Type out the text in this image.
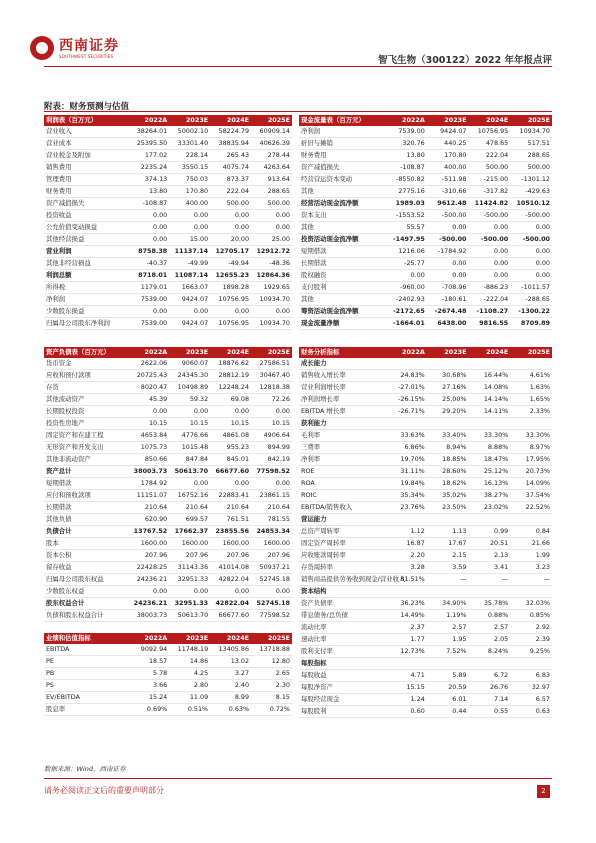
西南证券
SOUTHWEST SECURITIES	智飞生物（300122）2022 年年报点评
附表：财务预测与估值
利润表（百万元）	2022A	2023E	2024E	2025E
营业收入	38264.01	50002.10	58224.79	60909.14
营业成本	25395.50	33301.40	38835.94	40626.39
营业税金及附加	177.02	228.14	265.43	278.44
销售费用	2235.24	3550.15	4075.74	4263.64
管理费用	374.13	750.03	873.37	913.64
财务费用	13.80	170.80	222.04	288.65
资产减值损失	-108.87	400.00	500.00	500.00
投资收益	0.00	0.00	0.00	0.00
公允价值变动损益	0.00	0.00	0.00	0.00
其他经营损益	0.00	15.00	20.00	25.00
营业利润	8758.38	11137.14	12705.17	12912.72
其他非经营损益	-40.37	-49.99	-49.94	-48.36
利润总额	8718.01	11087.14	12655.23	12864.36
所得税	1179.01	1663.07	1898.28	1929.65
净利润	7539.00	9424.07	10756.95	10934.70
少数股东损益	0.00	0.00	0.00	0.00
归属母公司股东净利润	7539.00	9424.07	10756.95	10934.70
现金流量表（百万元）	2022A	2023E	2024E	2025E
净利润	7539.00	9424.07	10756.95	10934.70
折旧与摊销	320.76	440.25	478.65	517.51
财务费用	13.80	170.80	222.04	288.65
资产减值损失	-108.87	400.00	500.00	500.00
经营营运资本变动	-8550.82	-511.98	-215.00	-1301.12
其他	2775.16	-310.66	-317.82	-429.63
经营活动现金流净额	1989.03	9612.48	11424.82	10510.12
资本支出	-1553.52	-500.00	-500.00	-500.00
其他	55.57	0.00	0.00	0.00
投资活动现金流净额	-1497.95	-500.00	-500.00	-500.00
短期借款	1216.06	-1784.92	0.00	0.00
长期借款	-25.77	0.00	0.00	0.00
股权融资	0.00	0.00	0.00	0.00
支付股利	-960.00	-708.96	-886.23	-1011.57
其他	-2402.93	-180.61	-222.04	-288.65
筹资活动现金流净额	-2172.65	-2674.48	-1108.27	-1300.22
现金流量净额	-1664.01	6438.00	9816.55	8709.89
资产负债表（百万元）	2022A	2023E	2024E	2025E
货币资金	2622.06	9060.07	18876.62	27586.51
应收和预付款项	20725.43	24345.30	28812.19	30467.40
存货	8020.47	10498.89	12248.24	12818.38
其他流动资产	45.39	59.32	69.08	72.26
长期股权投资	0.00	0.00	0.00	0.00
投资性房地产	10.15	10.15	10.15	10.15
固定资产和在建工程	4653.84	4776.66	4861.08	4906.64
无形资产和开发支出	1075.73	1015.48	955.23	894.99
其他非流动资产	850.66	847.84	845.01	842.19
资产总计	38003.73	50613.70	66677.60	77598.52
短期借款	1784.92	0.00	0.00	0.00
应付和预收款项	11151.07	16752.16	22883.41	23861.15
长期借款	210.64	210.64	210.64	210.64
其他负债	620.90	699.57	761.51	781.55
负债合计	13767.52	17662.37	23855.56	24853.34
股本	1600.00	1600.00	1600.00	1600.00
资本公积	207.96	207.96	207.96	207.96
留存收益	22428.25	31143.36	41014.08	50937.21
归属母公司股东权益	24236.21	32951.33	42822.04	52745.18
少数股东权益	0.00	0.00	0.00	0.00
股东权益合计	24236.21	32951.33	42822.04	52745.18
负债和股东权益合计	38003.73	50613.70	66677.60	77598.52
财务分析指标	2022A	2023E	2024E	2025E
成长能力				
销售收入增长率	24.83%	30.68%	16.44%	4.61%
营业利润增长率	-27.01%	27.16%	14.08%	1.63%
净利润增长率	-26.15%	25.00%	14.14%	1.65%
EBITDA 增长率	-26.71%	29.20%	14.11%	2.33%
获利能力				
毛利率	33.63%	33.40%	33.30%	33.30%
三费率	6.86%	8.94%	8.88%	8.97%
净利率	19.70%	18.85%	18.47%	17.95%
ROE	31.11%	28.60%	25.12%	20.73%
ROA	19.84%	18.62%	16.13%	14.09%
ROIC	35.34%	35.02%	38.27%	37.54%
EBITDA/销售收入	23.76%	23.50%	23.02%	22.52%
营运能力				
总资产周转率	1.12	1.13	0.99	0.84
固定资产周转率	16.87	17.67	20.51	21.66
应收账款周转率	2.20	2.15	2.13	1.99
存货周转率	3.28	3.59	3.41	3.23
销售商品提供劳务收到现金/营业收入	81.51%	—	—	—
资本结构				
资产负债率	36.23%	34.90%	35.78%	32.03%
带息债务/总负债	14.49%	1.19%	0.88%	0.85%
流动比率	2.37	2.57	2.57	2.92
速动比率	1.77	1.95	2.05	2.39
股利支付率	12.73%	7.52%	8.24%	9.25%
每股指标				
每股收益	4.71	5.89	6.72	6.83
每股净资产	15.15	20.59	26.76	32.97
每股经营现金	1.24	6.01	7.14	6.57
每股股利	0.60	0.44	0.55	0.63
业绩和估值指标	2022A	2023E	2024E	2025E
EBITDA	9092.94	11748.19	13405.86	13718.88
PE	18.57	14.86	13.02	12.80
PB	5.78	4.25	3.27	2.65
PS	3.66	2.80	2.40	2.30
EV/EBITDA	15.24	11.09	8.99	8.15
股息率	0.69%	0.51%	0.63%	0.72%
数据来源：Wind，西南证券
请务必阅读正文后的重要声明部分	2
